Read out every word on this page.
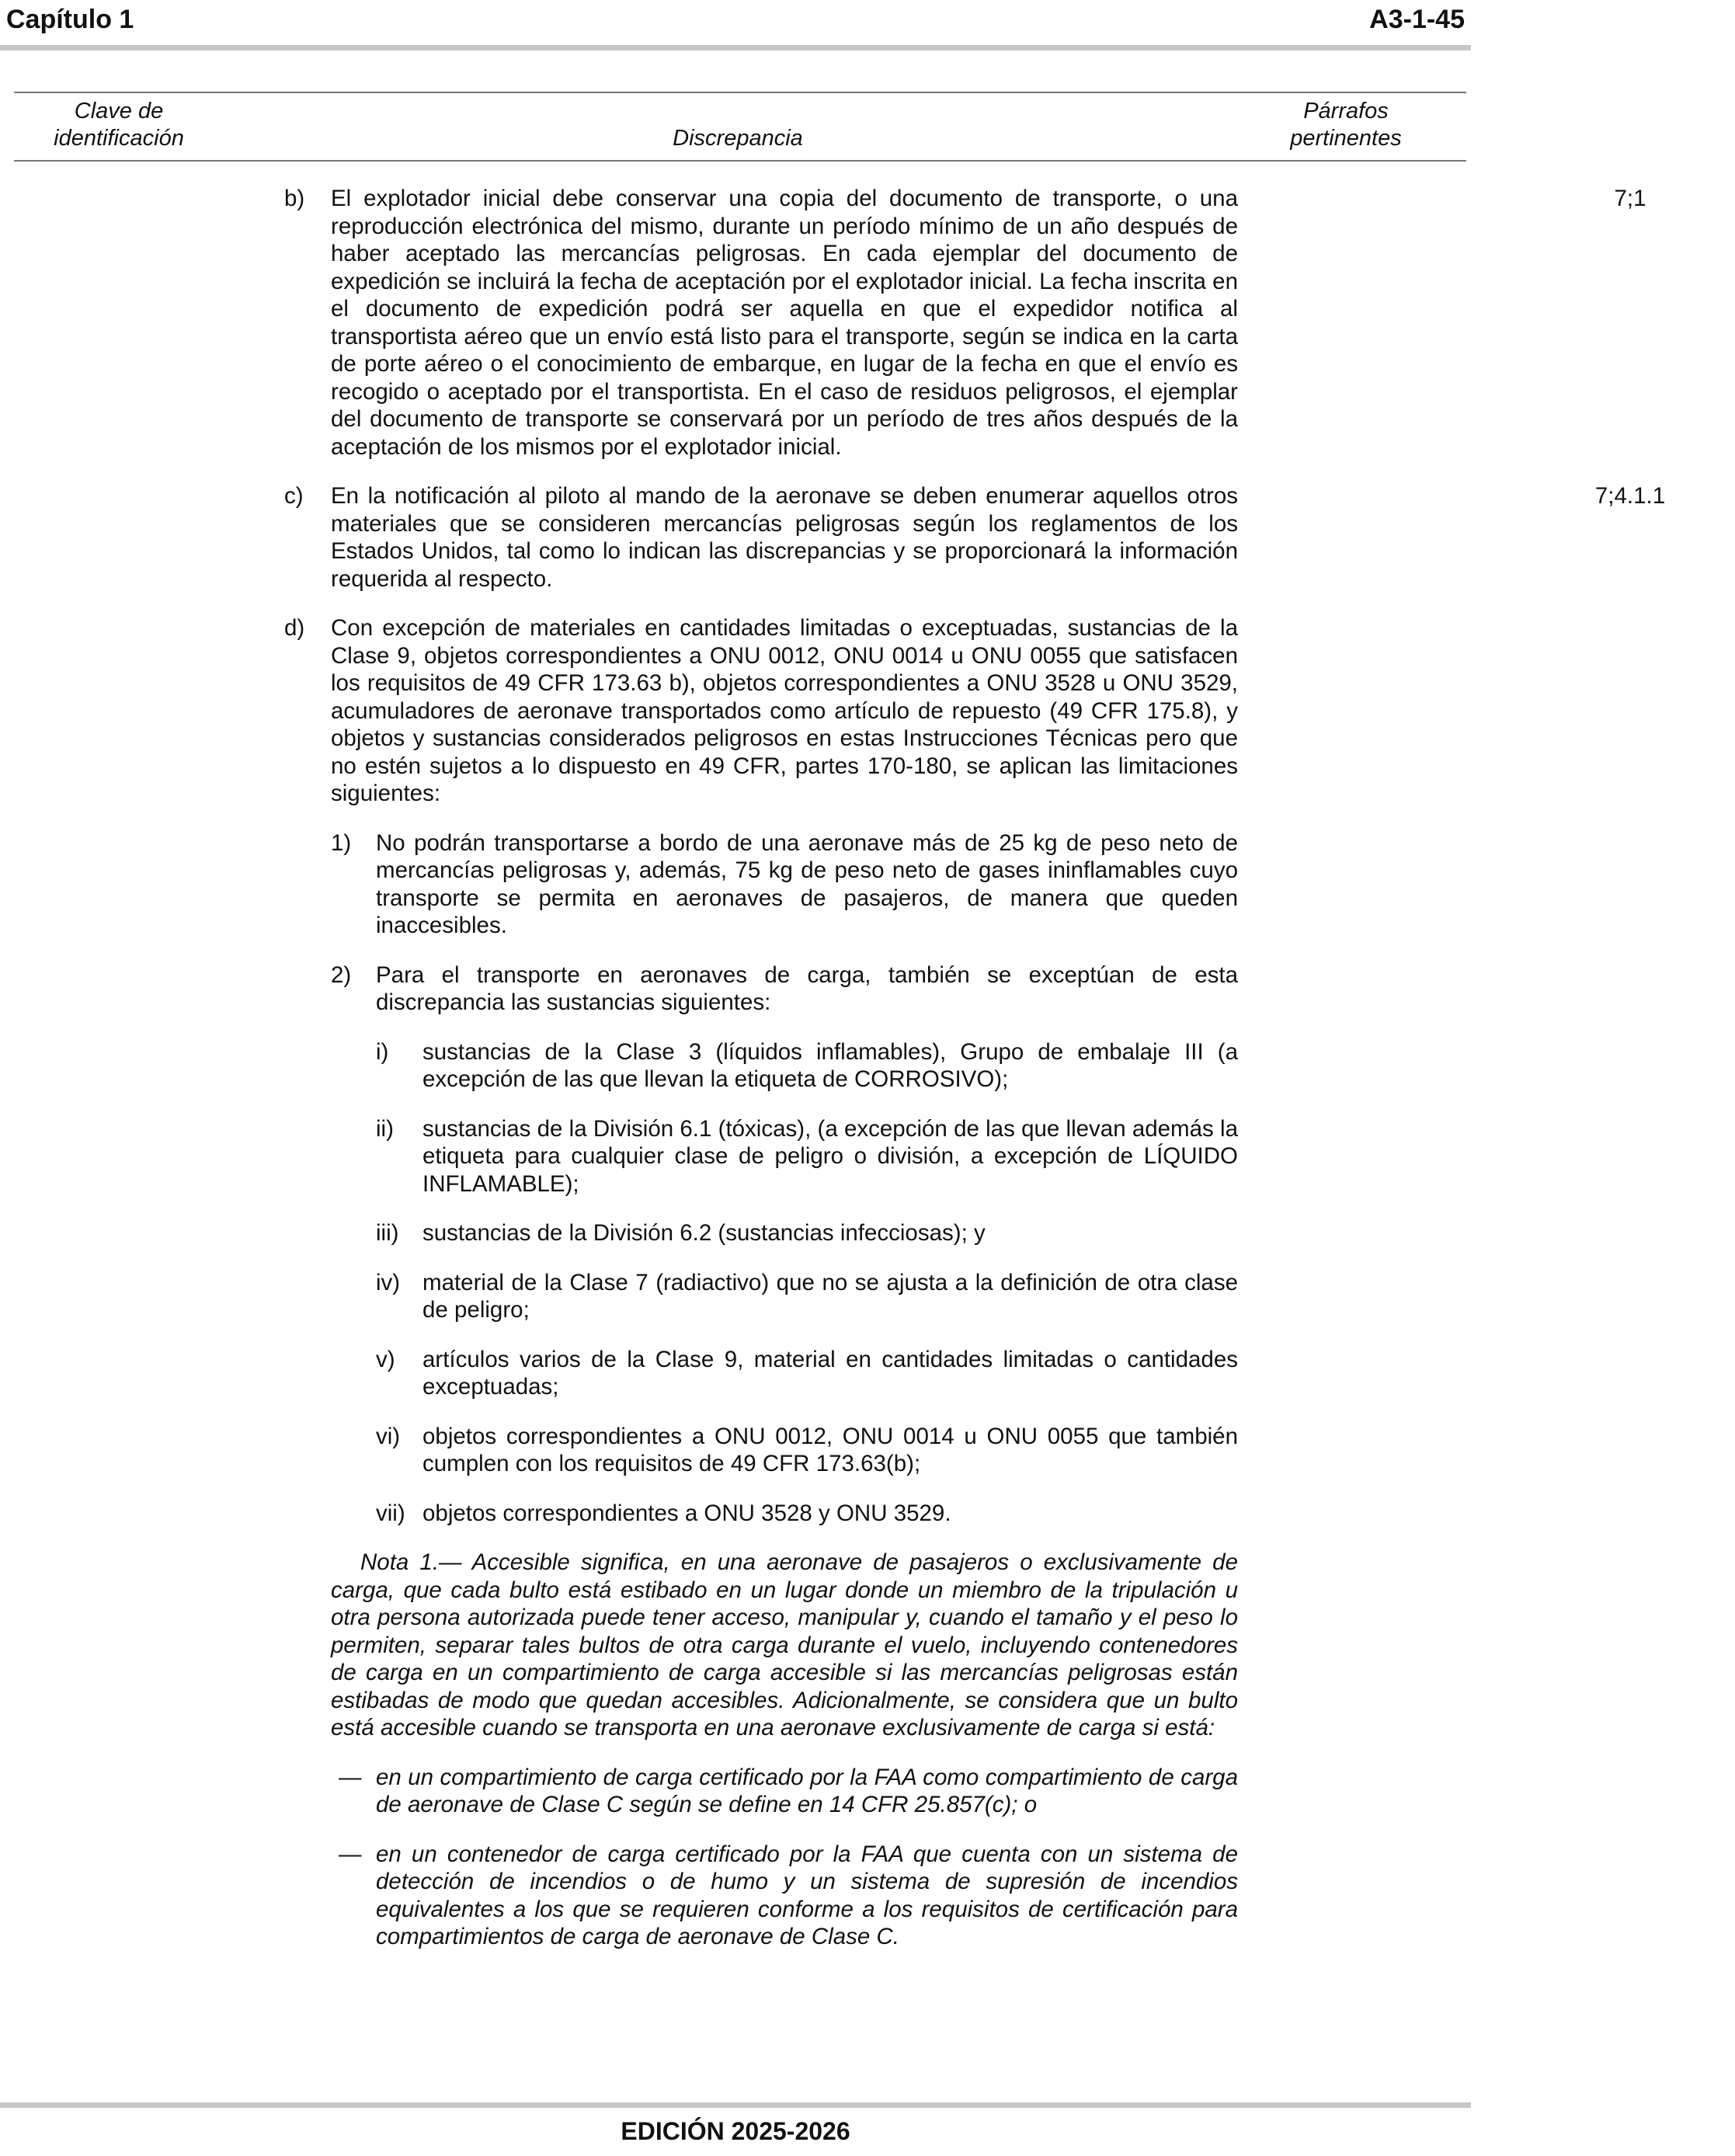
Capítulo 1	A3-1-45
Clave de
identificación	Discrepancia
Párrafos
pertinentes
b) El explotador inicial debe conservar una copia del documento de transporte, o una reproducción electrónica del mismo, durante un período mínimo de un año después de haber aceptado las mercancías peligrosas. En cada ejemplar del documento de expedición se incluirá la fecha de aceptación por el explotador inicial. La fecha inscrita en el documento de expedición podrá ser aquella en que el expedidor notifica al transportista aéreo que un envío está listo para el transporte, según se indica en la carta de porte aéreo o el conocimiento de embarque, en lugar de la fecha en que el envío es recogido o aceptado por el transportista. En el caso de residuos peligrosos, el ejemplar del documento de transporte se conservará por un período de tres años después de la aceptación de los mismos por el explotador inicial.
7;1
c) En la notificación al piloto al mando de la aeronave se deben enumerar aquellos otros materiales que se consideren mercancías peligrosas según los reglamentos de los Estados Unidos, tal como lo indican las discrepancias y se proporcionará la información requerida al respecto.
7;4.1.1
d) Con excepción de materiales en cantidades limitadas o exceptuadas, sustancias de la Clase 9, objetos correspondientes a ONU 0012, ONU 0014 u ONU 0055 que satisfacen los requisitos de 49 CFR 173.63 b), objetos correspondientes a ONU 3528 u ONU 3529, acumuladores de aeronave transportados como artículo de repuesto (49 CFR 175.8), y objetos y sustancias considerados peligrosos en estas Instrucciones Técnicas pero que no estén sujetos a lo dispuesto en 49 CFR, partes 170-180, se aplican las limitaciones siguientes:
1) No podrán transportarse a bordo de una aeronave más de 25 kg de peso neto de mercancías peligrosas y, además, 75 kg de peso neto de gases ininflamables cuyo transporte se permita en aeronaves de pasajeros, de manera que queden inaccesibles.
2) Para el transporte en aeronaves de carga, también se exceptúan de esta discrepancia las sustancias siguientes:
i) sustancias de la Clase 3 (líquidos inflamables), Grupo de embalaje III (a excepción de las que llevan la etiqueta de CORROSIVO);
ii) sustancias de la División 6.1 (tóxicas), (a excepción de las que llevan además la etiqueta para cualquier clase de peligro o división, a excepción de LÍQUIDO INFLAMABLE);
iii) sustancias de la División 6.2 (sustancias infecciosas); y
iv) material de la Clase 7 (radiactivo) que no se ajusta a la definición de otra clase de peligro;
v) artículos varios de la Clase 9, material en cantidades limitadas o cantidades exceptuadas;
vi) objetos correspondientes a ONU 0012, ONU 0014 u ONU 0055 que también cumplen con los requisitos de 49 CFR 173.63(b);
vii) objetos correspondientes a ONU 3528 y ONU 3529.
Nota 1.— Accesible significa, en una aeronave de pasajeros o exclusivamente de carga, que cada bulto está estibado en un lugar donde un miembro de la tripulación u otra persona autorizada puede tener acceso, manipular y, cuando el tamaño y el peso lo permiten, separar tales bultos de otra carga durante el vuelo, incluyendo contenedores de carga en un compartimiento de carga accesible si las mercancías peligrosas están estibadas de modo que quedan accesibles. Adicionalmente, se considera que un bulto está accesible cuando se transporta en una aeronave exclusivamente de carga si está:
— en un compartimiento de carga certificado por la FAA como compartimiento de carga de aeronave de Clase C según se define en 14 CFR 25.857(c); o
— en un contenedor de carga certificado por la FAA que cuenta con un sistema de detección de incendios o de humo y un sistema de supresión de incendios equivalentes a los que se requieren conforme a los requisitos de certificación para compartimientos de carga de aeronave de Clase C.
EDICIÓN 2025-2026
